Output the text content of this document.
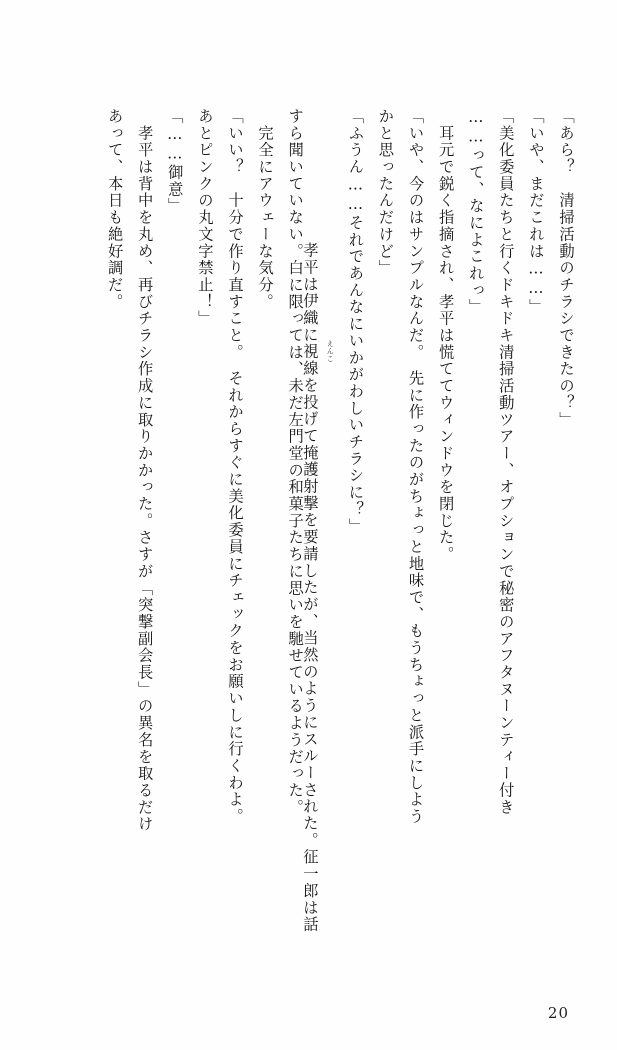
「あら？　清掃活動のチラシできたの？」
「いや、まだこれは……」
「美化委員たちと行くドキドキ清掃活動ツアー、オプションで秘密のアフタヌーンティー付き
……って、なによこれっ」
　耳元で鋭く指摘され、孝平は慌ててウィンドウを閉じた。
「いや、今のはサンプルなんだ。　先に作ったのがちょっと地味で、もうちょっと派手にしよう
かと思ったんだけど」
「ふうん……それであんなにいかがわしいチラシに？」

　孝平は伊織に視線を投げて掩護射撃を要請したが、当然のようにスルーされた。征一郎は話
えんこ

すら聞いていない。白に限っては、未だ左門堂の和菓子たちに思いを馳せているようだった。
　完全にアウェーな気分。
「いい？　十分で作り直すこと。　それからすぐに美化委員にチェックをお願いしに行くわよ。
あとピンクの丸文字禁止！」
「……御意」
　孝平は背中を丸め、再びチラシ作成に取りかかった。さすが「突撃副会長」の異名を取るだけ
あって、本日も絶好調だ。
20
